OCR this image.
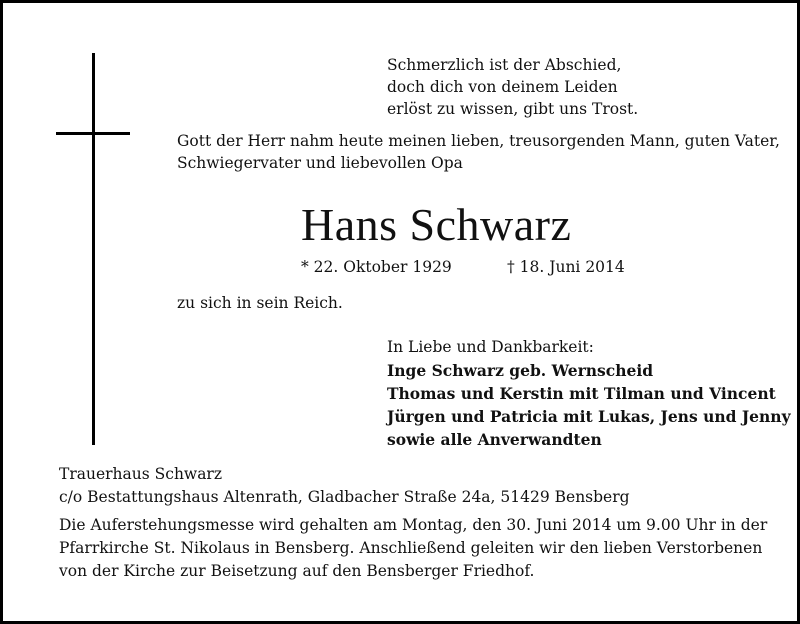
Schmerzlich ist der Abschied,
doch dich von deinem Leiden
erlöst zu wissen, gibt uns Trost.
Gott der Herr nahm heute meinen lieben, treusorgenden Mann, guten Vater,
Schwiegervater und liebevollen Opa
Hans Schwarz
* 22. Oktober 1929	† 18. Juni 2014
zu sich in sein Reich.
In Liebe und Dankbarkeit:
Inge Schwarz geb. Wernscheid
Thomas und Kerstin mit Tilman und Vincent
Jürgen und Patricia mit Lukas, Jens und Jenny
sowie alle Anverwandten
Trauerhaus Schwarz
c/o Bestattungshaus Altenrath, Gladbacher Straße 24a, 51429 Bensberg
Die Auferstehungsmesse wird gehalten am Montag, den 30. Juni 2014 um 9.00 Uhr in der
Pfarrkirche St. Nikolaus in Bensberg. Anschließend geleiten wir den lieben Verstorbenen
von der Kirche zur Beisetzung auf den Bensberger Friedhof.
